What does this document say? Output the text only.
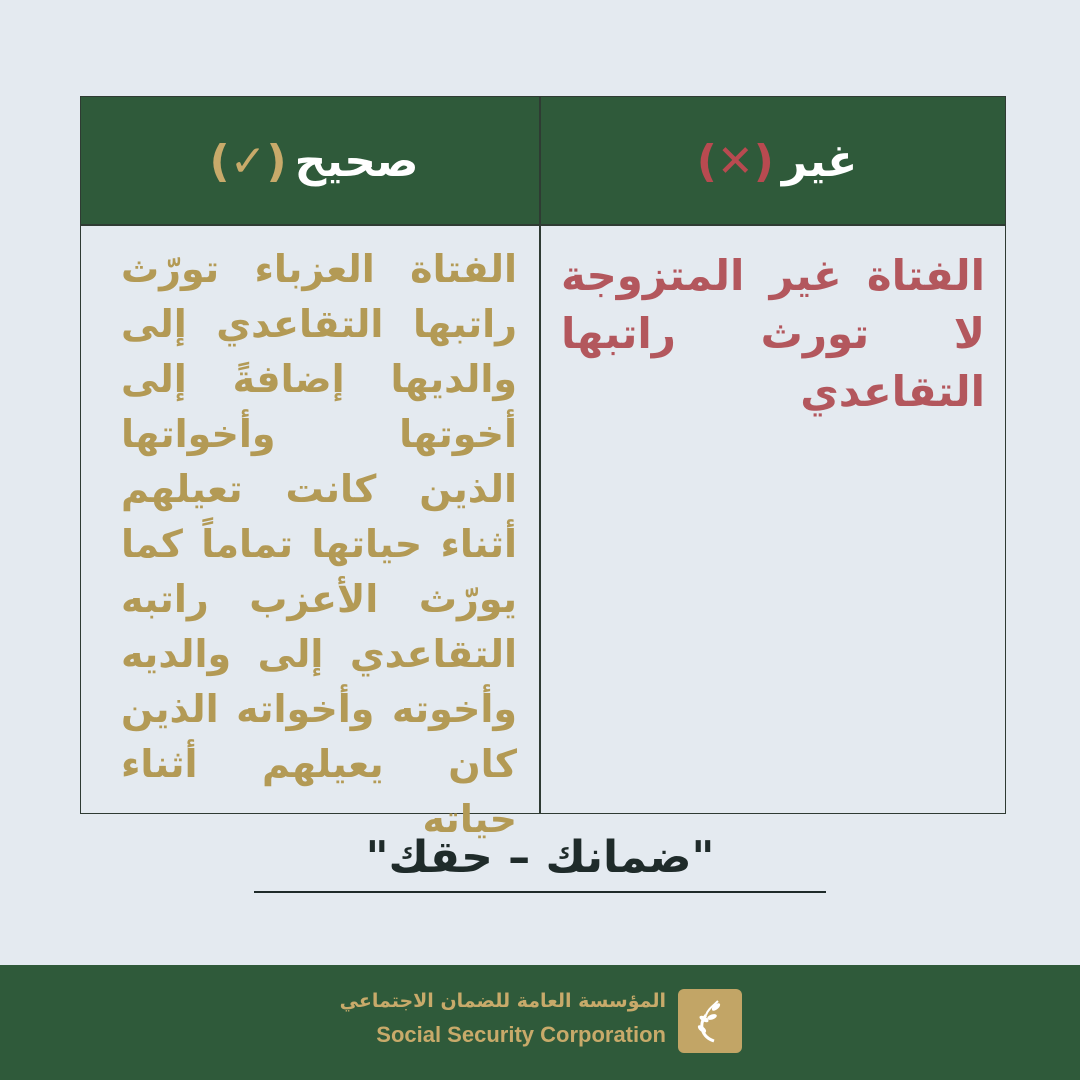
غير
(✕)
صحيح
(✓)
الفتاة غير المتزوجة لا تورث راتبها التقاعدي
الفتاة العزباء تورّث راتبها التقاعدي إلى والديها إضافةً إلى أخوتها وأخواتها الذين كانت تعيلهم أثناء حياتها تماماً كما يورّث الأعزب راتبه التقاعدي إلى والديه وأخوته وأخواته الذين كان يعيلهم أثناء حياته
"ضمانك – حقك"
المؤسسة العامة للضمان الاجتماعي
Social Security Corporation
